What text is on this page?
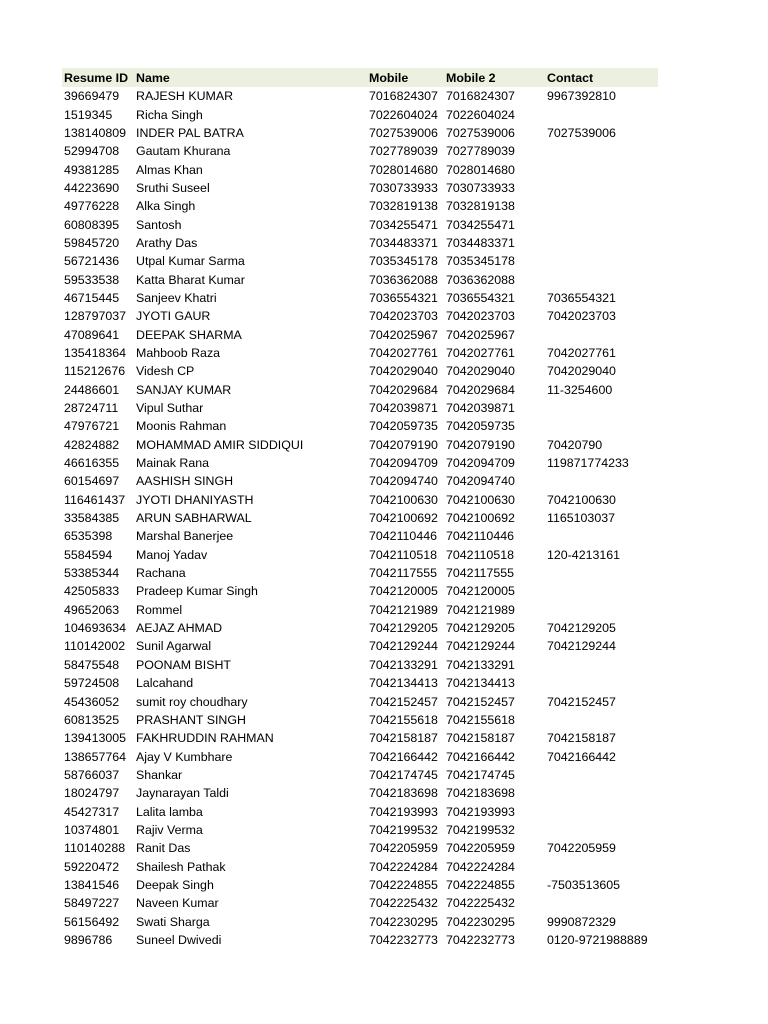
Resume ID	Name	Mobile	Mobile 2	Contact
39669479	RAJESH KUMAR	7016824307	7016824307	9967392810
1519345	Richa Singh	7022604024	7022604024	
138140809	INDER PAL BATRA	7027539006	7027539006	7027539006
52994708	Gautam Khurana	7027789039	7027789039	
49381285	Almas Khan	7028014680	7028014680	
44223690	Sruthi Suseel	7030733933	7030733933	
49776228	Alka Singh	7032819138	7032819138	
60808395	Santosh	7034255471	7034255471	
59845720	Arathy Das	7034483371	7034483371	
56721436	Utpal Kumar Sarma	7035345178	7035345178	
59533538	Katta Bharat Kumar	7036362088	7036362088	
46715445	Sanjeev Khatri	7036554321	7036554321	7036554321
128797037	JYOTI GAUR	7042023703	7042023703	7042023703
47089641	DEEPAK SHARMA	7042025967	7042025967	
135418364	Mahboob Raza	7042027761	7042027761	7042027761
115212676	Videsh CP	7042029040	7042029040	7042029040
24486601	SANJAY KUMAR	7042029684	7042029684	11-3254600
28724711	Vipul Suthar	7042039871	7042039871	
47976721	Moonis Rahman	7042059735	7042059735	
42824882	MOHAMMAD AMIR SIDDIQUI	7042079190	7042079190	70420790
46616355	Mainak Rana	7042094709	7042094709	119871774233
60154697	AASHISH SINGH	7042094740	7042094740	
116461437	JYOTI DHANIYASTH	7042100630	7042100630	7042100630
33584385	ARUN SABHARWAL	7042100692	7042100692	1165103037
6535398	Marshal Banerjee	7042110446	7042110446	
5584594	Manoj Yadav	7042110518	7042110518	120-4213161
53385344	Rachana	7042117555	7042117555	
42505833	Pradeep Kumar Singh	7042120005	7042120005	
49652063	Rommel	7042121989	7042121989	
104693634	AEJAZ AHMAD	7042129205	7042129205	7042129205
110142002	Sunil Agarwal	7042129244	7042129244	7042129244
58475548	POONAM BISHT	7042133291	7042133291	
59724508	Lalcahand	7042134413	7042134413	
45436052	sumit roy choudhary	7042152457	7042152457	7042152457
60813525	PRASHANT SINGH	7042155618	7042155618	
139413005	FAKHRUDDIN RAHMAN	7042158187	7042158187	7042158187
138657764	Ajay V Kumbhare	7042166442	7042166442	7042166442
58766037	Shankar	7042174745	7042174745	
18024797	Jaynarayan Taldi	7042183698	7042183698	
45427317	Lalita lamba	7042193993	7042193993	
10374801	Rajiv Verma	7042199532	7042199532	
110140288	Ranit Das	7042205959	7042205959	7042205959
59220472	Shailesh Pathak	7042224284	7042224284	
13841546	Deepak Singh	7042224855	7042224855	-7503513605
58497227	Naveen Kumar	7042225432	7042225432	
56156492	Swati Sharga	7042230295	7042230295	9990872329
9896786	Suneel Dwivedi	7042232773	7042232773	0120-9721988889
